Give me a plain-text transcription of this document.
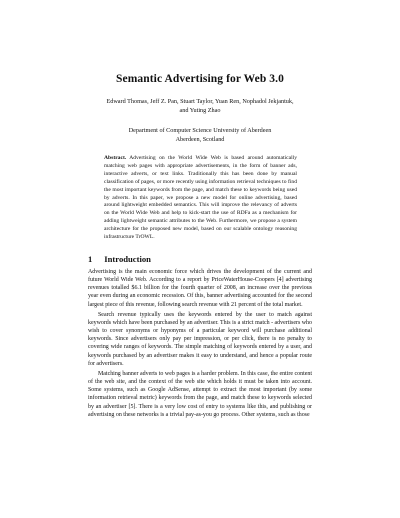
Semantic Advertising for Web 3.0
Edward Thomas, Jeff Z. Pan, Stuart Taylor, Yuan Ren, Nophadol Jekjantuk,
and Yuting Zhao
Department of Computer Science University of Aberdeen
Aberdeen, Scotland

Abstract. Advertising on the World Wide Web is based around automatically matching web pages with appropriate advertisements, in the form of banner ads, interactive adverts, or text links. Traditionally this has been done by manual classification of pages, or more recently using information retrieval techniques to find the most important keywords from the page, and match these to keywords being used by adverts. In this paper, we propose a new model for online advertising, based around lightweight embedded semantics. This will improve the relevancy of adverts on the World Wide Web and help to kick-start the use of RDFa as a mechanism for adding lightweight semantic attributes to the Web. Furthermore, we propose a system architecture for the proposed new model, based on our scalable ontology reasoning infrastructure TrOWL.

1 Introduction

Advertising is the main economic force which drives the development of the current and future World Wide Web. According to a report by PriceWaterHouse-Coopers [4] advertising revenues totalled $6.1 billion for the fourth quarter of 2008, an increase over the previous year even during an economic recession. Of this, banner advertising accounted for the second largest piece of this revenue, following search revenue with 21 percent of the total market.

Search revenue typically uses the keywords entered by the user to match against keywords which have been purchased by an advertiser. This is a strict match - advertisers who wish to cover synonyms or hyponyms of a particular keyword will purchase additional keywords. Since advertisers only pay per impression, or per click, there is no penalty to covering wide ranges of keywords. The simple matching of keywords entered by a user, and keywords purchased by an advertiser makes it easy to understand, and hence a popular route for advertisers.

Matching banner adverts to web pages is a harder problem. In this case, the entire content of the web site, and the context of the web site which holds it must be taken into account. Some systems, such as Google AdSense, attempt to extract the most important (by some information retrieval metric) keywords from the page, and match these to keywords selected by an advertiser [5]. There is a very low cost of entry to systems like this, and publishing or advertising on these networks is a trivial pay-as-you go process. Other systems, such as those
